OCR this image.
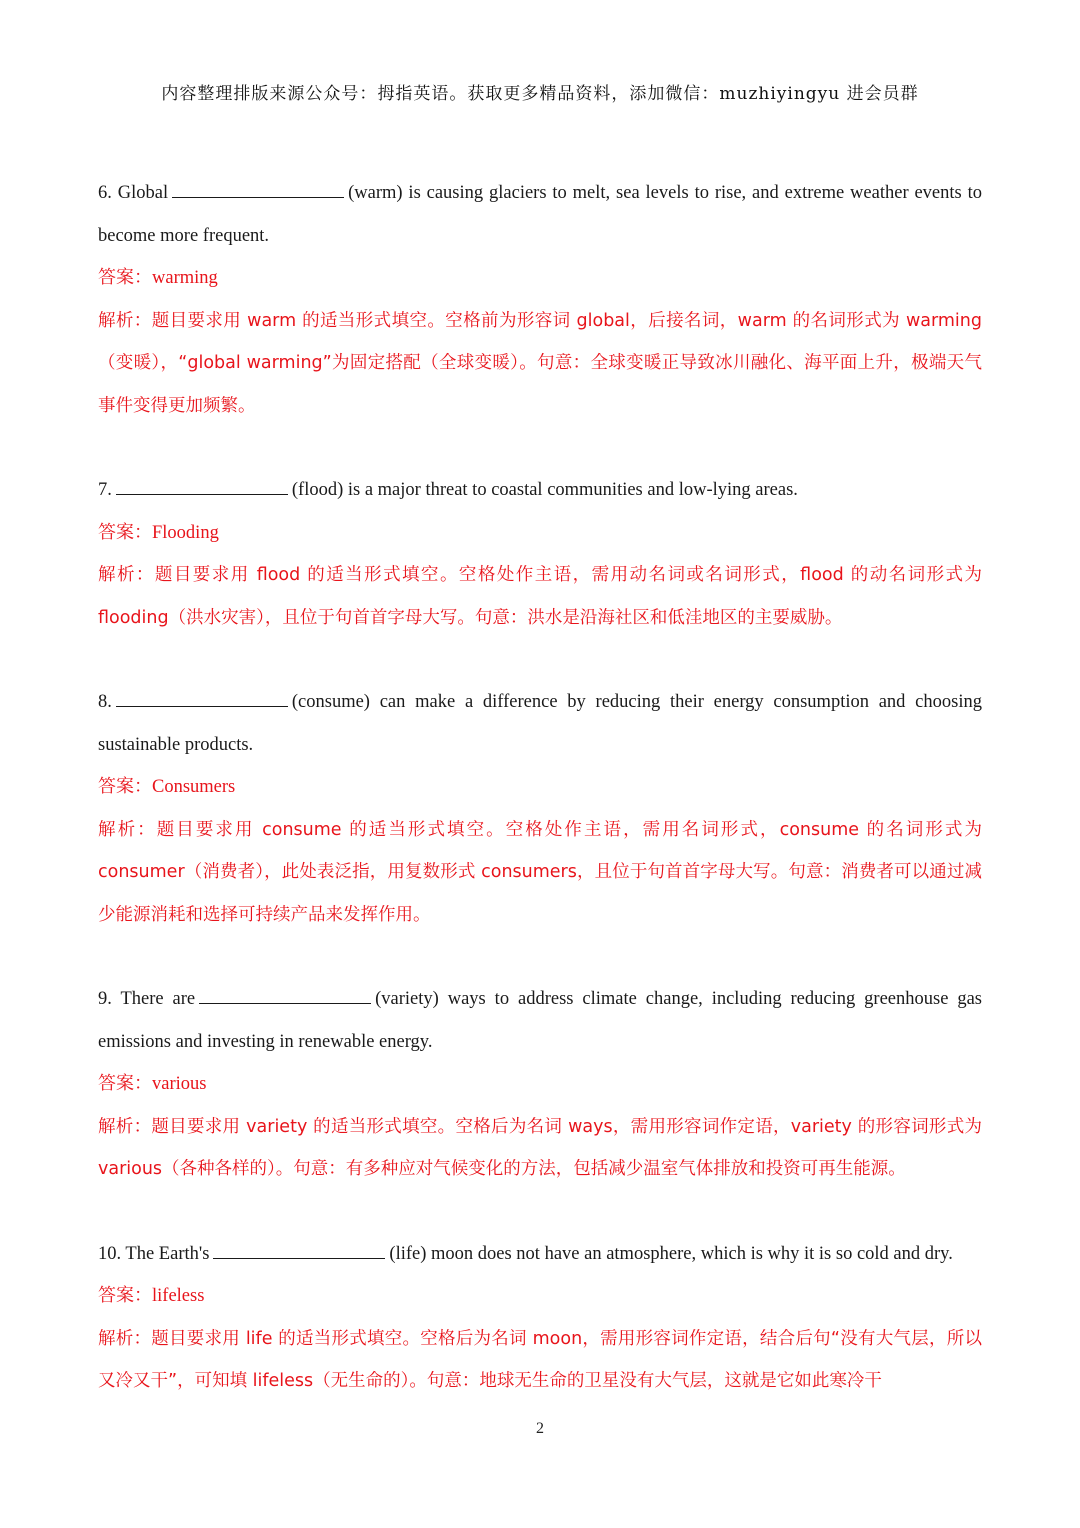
内容整理排版来源公众号：拇指英语。获取更多精品资料，添加微信：muzhiyingyu 进会员群
6. Global	(warm) is causing glaciers to melt, sea levels to rise, and extreme weather events to become more frequent.
答案：warming
解析：题目要求用 warm 的适当形式填空。空格前为形容词 global，后接名词，warm 的名词形式为 warming（变暖），“global warming”为固定搭配（全球变暖）。句意：全球变暖正导致冰川融化、海平面上升，极端天气事件变得更加频繁。
7.	(flood) is a major threat to coastal communities and low-lying areas.
答案：Flooding
解析：题目要求用 flood 的适当形式填空。空格处作主语，需用动名词或名词形式，flood 的动名词形式为 flooding（洪水灾害），且位于句首首字母大写。句意：洪水是沿海社区和低洼地区的主要威胁。
8.	(consume) can make a difference by reducing their energy consumption and choosing sustainable products.
答案：Consumers
解析：题目要求用 consume 的适当形式填空。空格处作主语，需用名词形式，consume 的名词形式为 consumer（消费者），此处表泛指，用复数形式 consumers，且位于句首首字母大写。句意：消费者可以通过减少能源消耗和选择可持续产品来发挥作用。
9. There are	(variety) ways to address climate change, including reducing greenhouse gas emissions and investing in renewable energy.
答案：various
解析：题目要求用 variety 的适当形式填空。空格后为名词 ways，需用形容词作定语，variety 的形容词形式为 various（各种各样的）。句意：有多种应对气候变化的方法，包括减少温室气体排放和投资可再生能源。
10. The Earth's	(life) moon does not have an atmosphere, which is why it is so cold and dry.
答案：lifeless
解析：题目要求用 life 的适当形式填空。空格后为名词 moon，需用形容词作定语，结合后句“没有大气层，所以又冷又干”，可知填 lifeless（无生命的）。句意：地球无生命的卫星没有大气层，这就是它如此寒冷干
2
